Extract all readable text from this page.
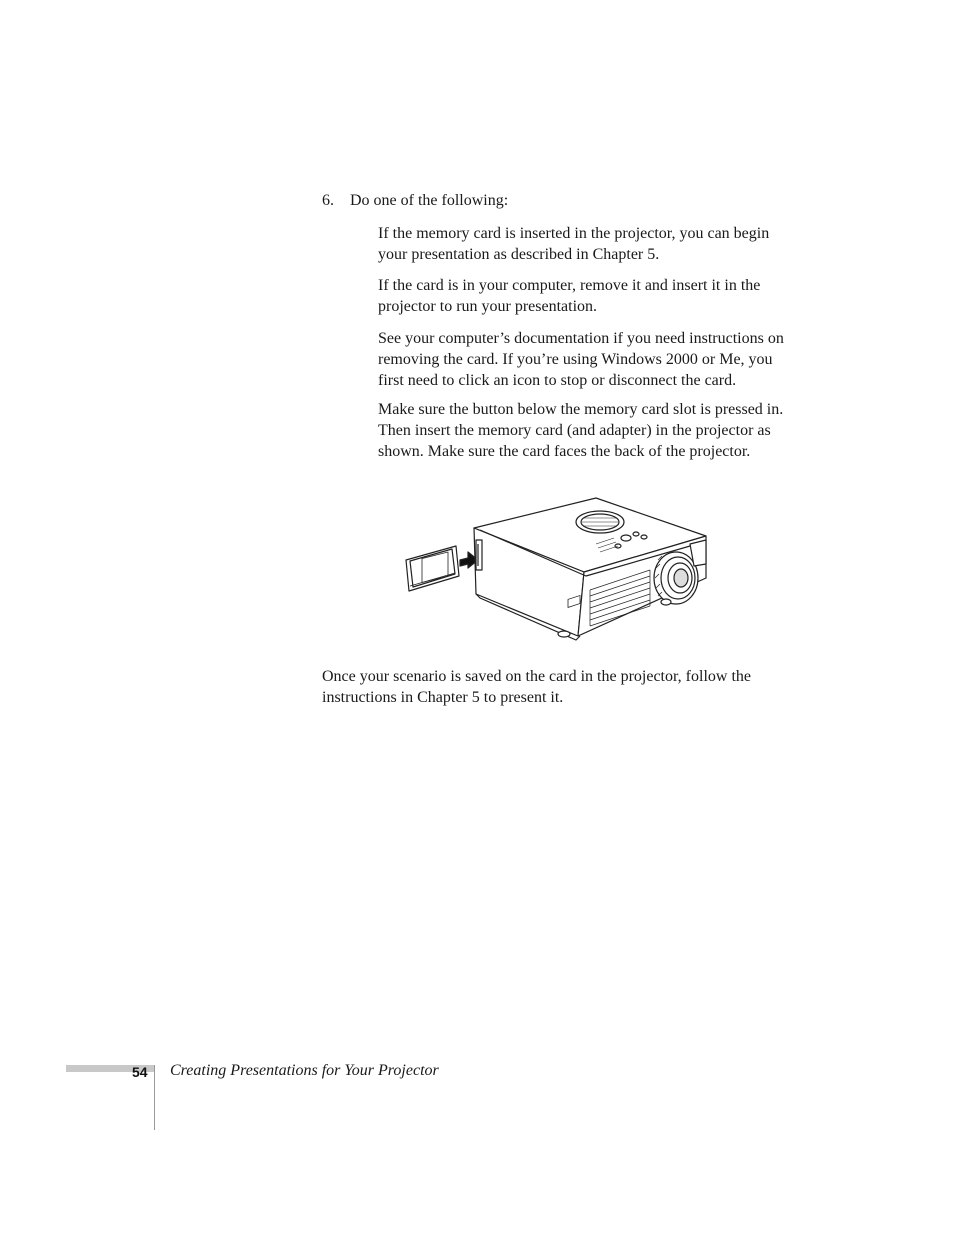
6. Do one of the following:

If the memory card is inserted in the projector, you can begin your presentation as described in Chapter 5.

If the card is in your computer, remove it and insert it in the projector to run your presentation.

See your computer’s documentation if you need instructions on removing the card. If you’re using Windows 2000 or Me, you first need to click an icon to stop or disconnect the card.

Make sure the button below the memory card slot is pressed in. Then insert the memory card (and adapter) in the projector as shown. Make sure the card faces the back of the projector.

Once your scenario is saved on the card in the projector, follow the instructions in Chapter 5 to present it.

54 Creating Presentations for Your Projector
